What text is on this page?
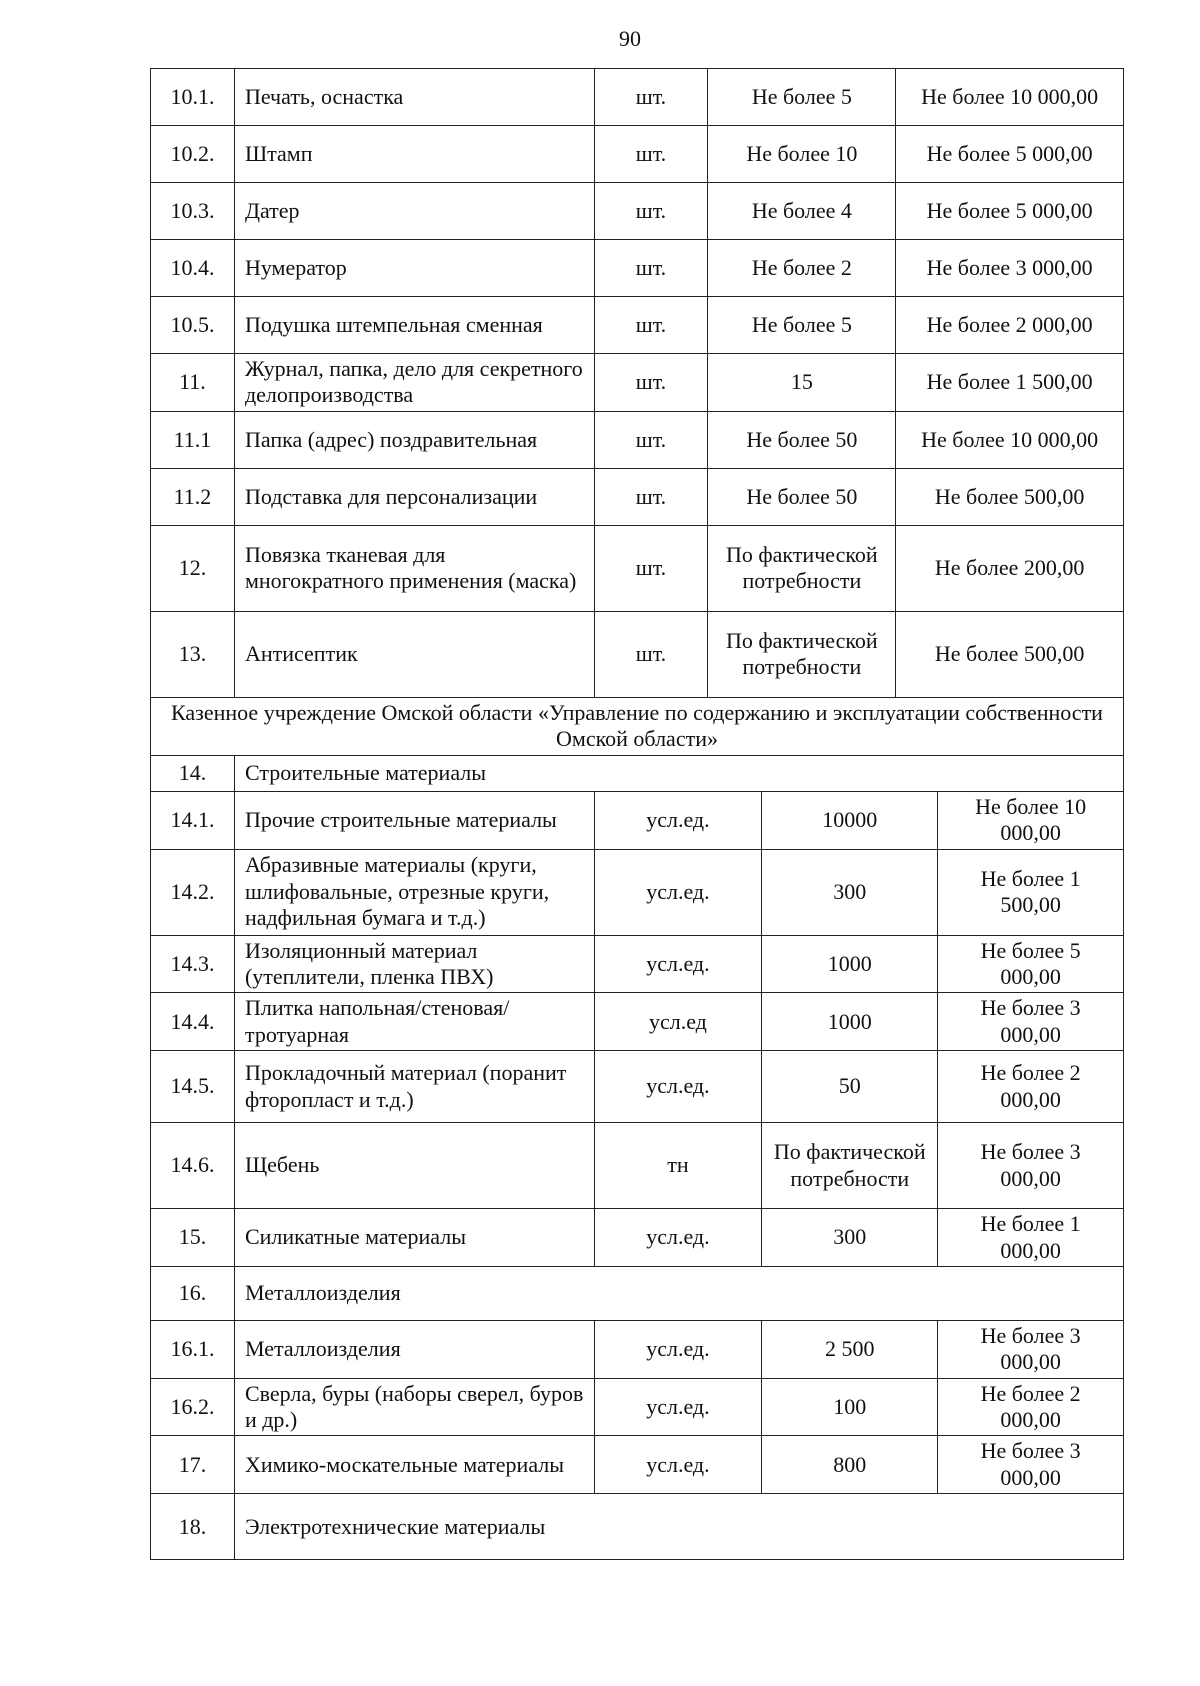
90
10.1.	Печать, оснастка	шт.	Не более 5	Не более 10 000,00
10.2.	Штамп	шт.	Не более 10	Не более 5 000,00
10.3.	Датер	шт.	Не более 4	Не более 5 000,00
10.4.	Нумератор	шт.	Не более 2	Не более 3 000,00
10.5.	Подушка штемпельная сменная	шт.	Не более 5	Не более 2 000,00
11.	Журнал, папка, дело для секретного делопроизводства	шт.	15	Не более 1 500,00
11.1	Папка (адрес) поздравительная	шт.	Не более 50	Не более 10 000,00
11.2	Подставка для персонализации	шт.	Не более 50	Не более 500,00
12.	Повязка тканевая для многократного применения (маска)	шт.	По фактической потребности	Не более 200,00
13.	Антисептик	шт.	По фактической потребности	Не более 500,00
Казенное учреждение Омской области «Управление по содержанию и эксплуатации собственности Омской области»				
14.	Строительные материалы			
14.1.	Прочие строительные материалы	усл.ед.	10000	Не более 10 000,00
14.2.	Абразивные материалы (круги, шлифовальные, отрезные круги, надфильная бумага и т.д.)	усл.ед.	300	Не более 1 500,00
14.3.	Изоляционный материал (утеплители, пленка ПВХ)	усл.ед.	1000	Не более 5 000,00
14.4.	Плитка напольная/стеновая/тротуарная	усл.ед	1000	Не более 3 000,00
14.5.	Прокладочный материал (поранит фторопласт и т.д.)	усл.ед.	50	Не более 2 000,00
14.6.	Щебень	тн	По фактической потребности	Не более 3 000,00
15.	Силикатные материалы	усл.ед.	300	Не более 1 000,00
16.	Металлоизделия			
16.1.	Металлоизделия	усл.ед.	2 500	Не более 3 000,00
16.2.	Сверла, буры (наборы сверел, буров и др.)	усл.ед.	100	Не более 2 000,00
17.	Химико-москательные материалы	усл.ед.	800	Не более 3 000,00
18.	Электротехнические материалы			
